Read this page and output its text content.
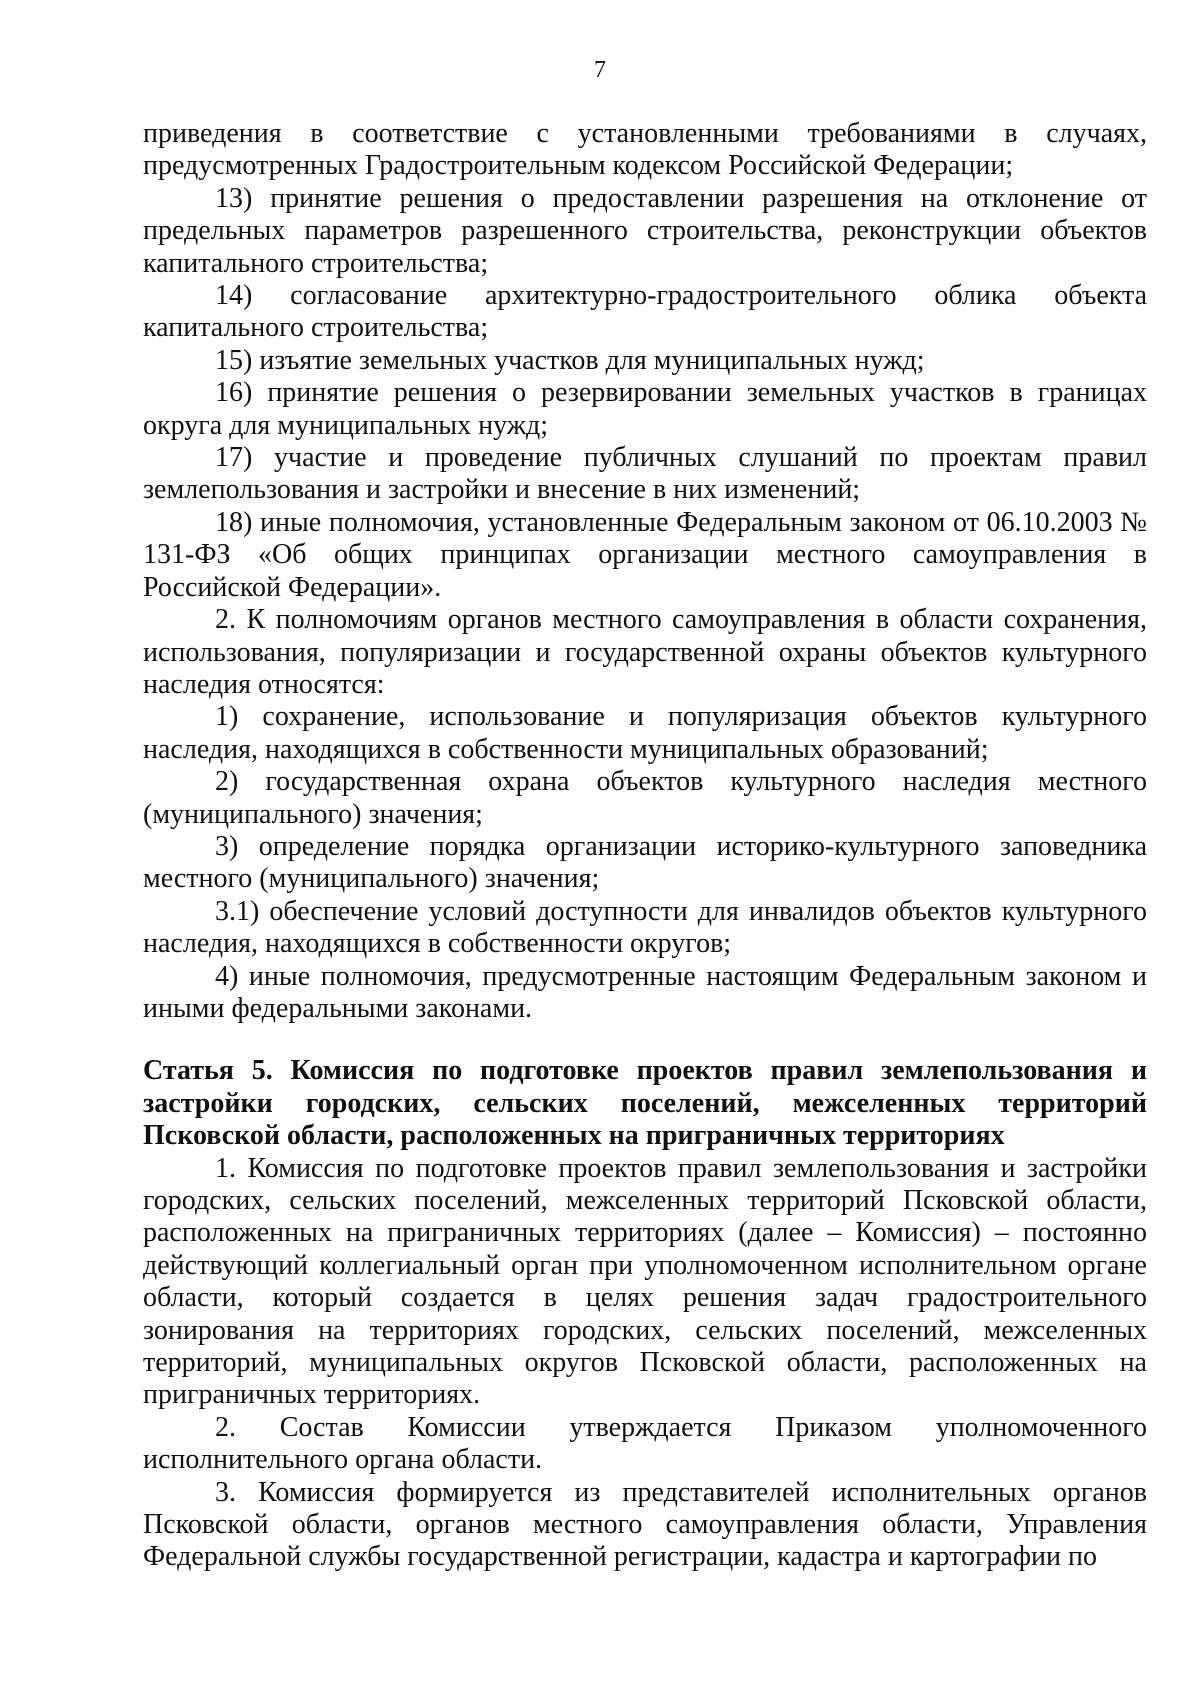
7

приведения в соответствие с установленными требованиями в случаях, предусмотренных Градостроительным кодексом Российской Федерации;

13) принятие решения о предоставлении разрешения на отклонение от предельных параметров разрешенного строительства, реконструкции объектов капитального строительства;

14) согласование архитектурно-градостроительного облика объекта капитального строительства;

15) изъятие земельных участков для муниципальных нужд;

16) принятие решения о резервировании земельных участков в границах округа для муниципальных нужд;

17) участие и проведение публичных слушаний по проектам правил землепользования и застройки и внесение в них изменений;

18) иные полномочия, установленные Федеральным законом от 06.10.2003 № 131-ФЗ «Об общих принципах организации местного самоуправления в Российской Федерации».

2. К полномочиям органов местного самоуправления в области сохранения, использования, популяризации и государственной охраны объектов культурного наследия относятся:

1) сохранение, использование и популяризация объектов культурного наследия, находящихся в собственности муниципальных образований;

2) государственная охрана объектов культурного наследия местного (муниципального) значения;

3) определение порядка организации историко-культурного заповедника местного (муниципального) значения;

3.1) обеспечение условий доступности для инвалидов объектов культурного наследия, находящихся в собственности округов;

4) иные полномочия, предусмотренные настоящим Федеральным законом и иными федеральными законами.

Статья 5. Комиссия по подготовке проектов правил землепользования и застройки городских, сельских поселений, межселенных территорий Псковской области, расположенных на приграничных территориях

1. Комиссия по подготовке проектов правил землепользования и застройки городских, сельских поселений, межселенных территорий Псковской области, расположенных на приграничных территориях (далее – Комиссия) – постоянно действующий коллегиальный орган при уполномоченном исполнительном органе области, который создается в целях решения задач градостроительного зонирования на территориях городских, сельских поселений, межселенных территорий, муниципальных округов Псковской области, расположенных на приграничных территориях.

2. Состав Комиссии утверждается Приказом уполномоченного исполнительного органа области.

3. Комиссия формируется из представителей исполнительных органов Псковской области, органов местного самоуправления области, Управления Федеральной службы государственной регистрации, кадастра и картографии по
